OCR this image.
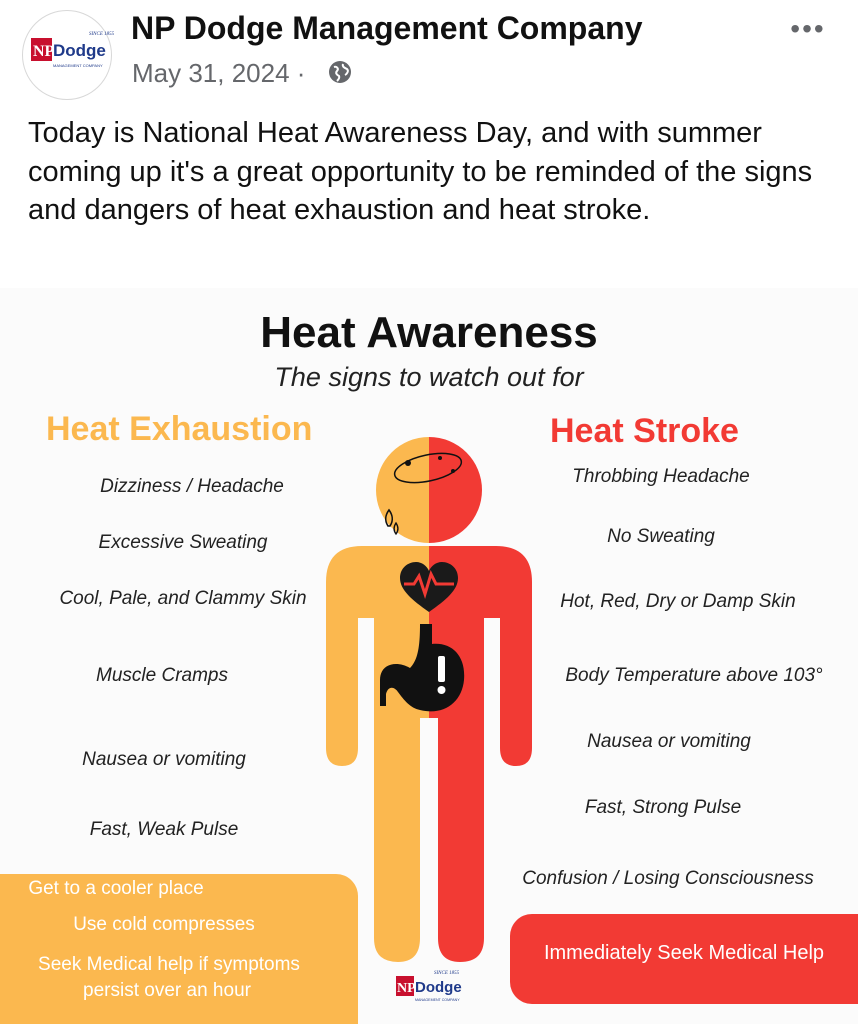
SINCE 1855
NP
Dodge
MANAGEMENT COMPANY
NP Dodge Management Company
May 31, 2024 ·
•••
Today is National Heat Awareness Day, and with summer coming up it's a great opportunity to be reminded of the signs and dangers of heat exhaustion and heat stroke.
Heat Awareness
The signs to watch out for
Heat Exhaustion	Heat Stroke
Dizziness / Headache
Excessive Sweating
Cool, Pale, and Clammy Skin
Muscle Cramps
Nausea or vomiting
Fast, Weak Pulse
Throbbing Headache
No Sweating
Hot, Red, Dry or Damp Skin
Body Temperature above 103°
Nausea or vomiting
Fast, Strong Pulse
Confusion / Losing Consciousness
Get to a cooler place
Use cold compresses
Seek Medical help if symptoms
persist over an hour
Immediately Seek Medical Help
SINCE 1855
NP Dodge
MANAGEMENT COMPANY
